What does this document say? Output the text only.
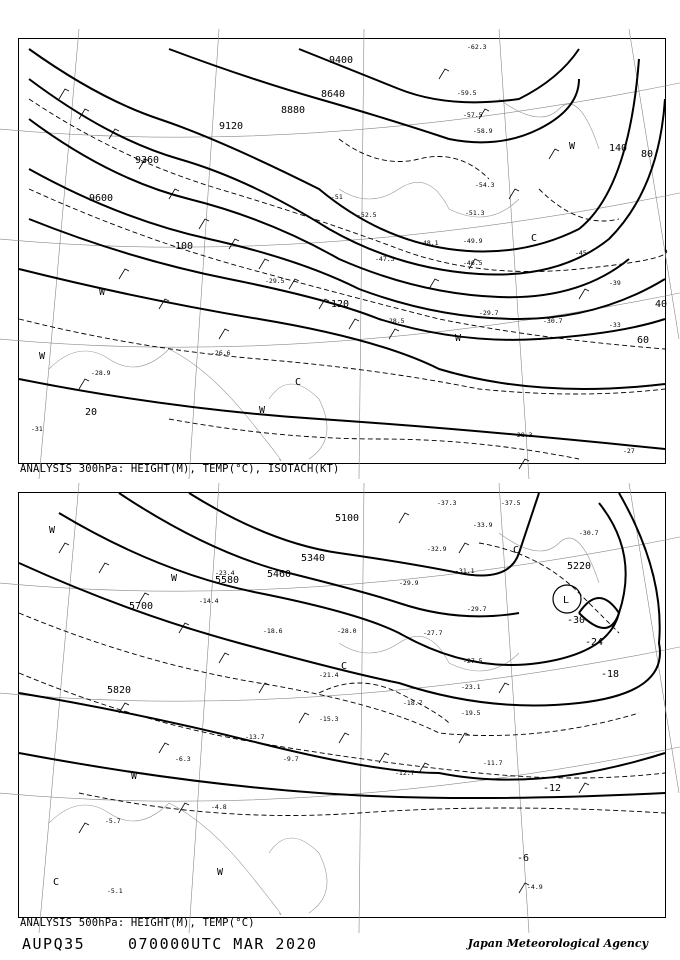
8640
8880
9120
9360
9600
9400
40
60
80
100
120
140
20
-62.3
-59.5
-57.5
-58.9
-54.3
-51.3
-49.9
-46.5
-45
-39
-33
-28.5
-28.9
-26.6
-28.3
-27
-29.7
-48.1
-52.5
-51
-47.3
-29.5
-30.7
-31
W
W
W
W
C
C
W
ANALYSIS 300hPa: HEIGHT(M), TEMP(°C), ISOTACH(KT)
5100
5340
5460
5580
5700
5820
5220
-30
-24
-18
-12
-6
-37.3	-37.5
-33.9
-32.9
-29.9
-29.7
-27.7
-27.5
-23.1
-19.5
-18.7
-15.3
-12.7
-11.7
-13.7
-9.7
-6.3
-5.7
-4.9
-4.8
-5.1
-23.4
-18.6
-14.4
-31.1
-30.7
-28.0
-21.4
W
W
W
W
C
C
C
L
ANALYSIS 500hPa: HEIGHT(M), TEMP(°C)
AUPQ35	070000UTC MAR 2020	Japan Meteorological Agency
